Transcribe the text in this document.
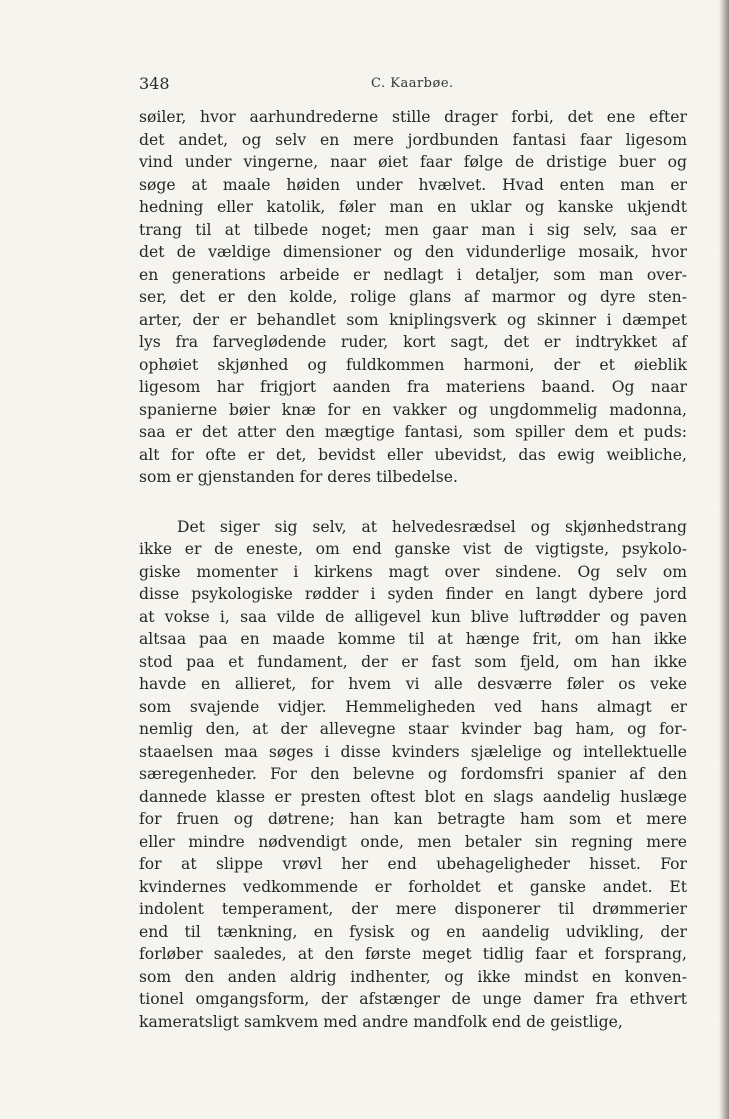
348	C. Kaarbøe.
søiler, hvor aarhundrederne stille drager forbi, det ene efter
det andet, og selv en mere jordbunden fantasi faar ligesom
vind under vingerne, naar øiet faar følge de dristige buer og
søge at maale høiden under hvælvet. Hvad enten man er
hedning eller katolik, føler man en uklar og kanske ukjendt
trang til at tilbede noget; men gaar man i sig selv, saa er
det de vældige dimensioner og den vidunderlige mosaik, hvor
en generations arbeide er nedlagt i detaljer, som man over-
ser, det er den kolde, rolige glans af marmor og dyre sten-
arter, der er behandlet som kniplingsverk og skinner i dæmpet
lys fra farveglødende ruder, kort sagt, det er indtrykket af
ophøiet skjønhed og fuldkommen harmoni, der et øieblik
ligesom har frigjort aanden fra materiens baand. Og naar
spanierne bøier knæ for en vakker og ungdommelig madonna,
saa er det atter den mægtige fantasi, som spiller dem et puds:
alt for ofte er det, bevidst eller ubevidst, das ewig weibliche,
som er gjenstanden for deres tilbedelse.
Det siger sig selv, at helvedesrædsel og skjønhedstrang
ikke er de eneste, om end ganske vist de vigtigste, psykolo-
giske momenter i kirkens magt over sindene. Og selv om
disse psykologiske rødder i syden finder en langt dybere jord
at vokse i, saa vilde de alligevel kun blive luftrødder og paven
altsaa paa en maade komme til at hænge frit, om han ikke
stod paa et fundament, der er fast som fjeld, om han ikke
havde en allieret, for hvem vi alle desværre føler os veke
som svajende vidjer. Hemmeligheden ved hans almagt er
nemlig den, at der allevegne staar kvinder bag ham, og for-
staaelsen maa søges i disse kvinders sjælelige og intellektuelle
særegenheder. For den belevne og fordomsfri spanier af den
dannede klasse er presten oftest blot en slags aandelig huslæge
for fruen og døtrene; han kan betragte ham som et mere
eller mindre nødvendigt onde, men betaler sin regning mere
for at slippe vrøvl her end ubehageligheder hisset. For
kvindernes vedkommende er forholdet et ganske andet. Et
indolent temperament, der mere disponerer til drømmerier
end til tænkning, en fysisk og en aandelig udvikling, der
forløber saaledes, at den første meget tidlig faar et forsprang,
som den anden aldrig indhenter, og ikke mindst en konven-
tionel omgangsform, der afstænger de unge damer fra ethvert
kameratsligt samkvem med andre mandfolk end de geistlige,
